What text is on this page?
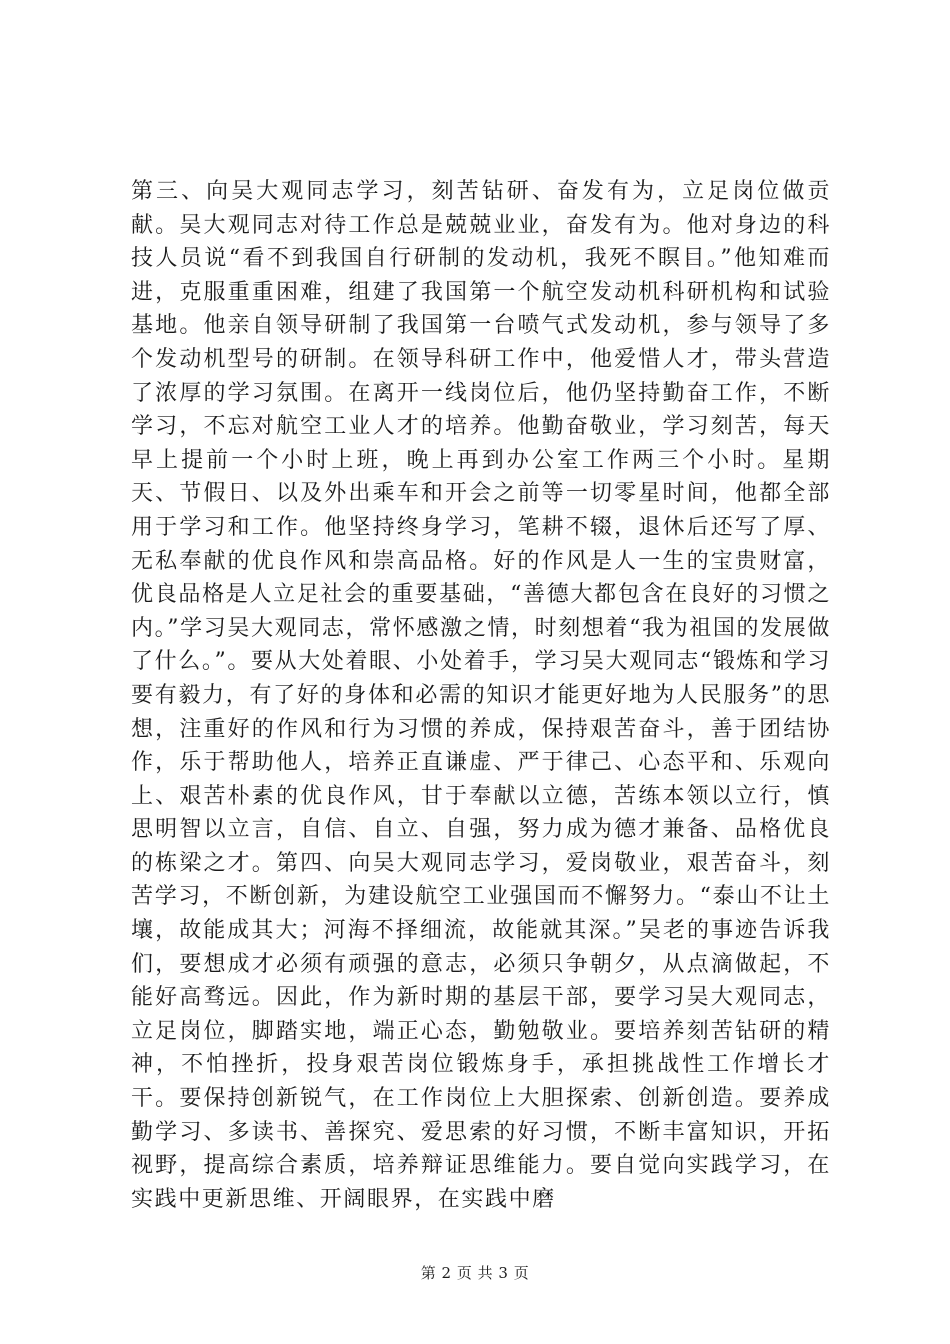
第三、向吴大观同志学习，刻苦钻研、奋发有为，立足岗位做贡献。吴大观同志对待工作总是兢兢业业，奋发有为。他对身边的科技人员说“看不到我国自行研制的发动机，我死不瞑目。”他知难而进，克服重重困难，组建了我国第一个航空发动机科研机构和试验基地。他亲自领导研制了我国第一台喷气式发动机，参与领导了多个发动机型号的研制。在领导科研工作中，他爱惜人才，带头营造了浓厚的学习氛围。在离开一线岗位后，他仍坚持勤奋工作，不断学习，不忘对航空工业人才的培养。他勤奋敬业，学习刻苦，每天早上提前一个小时上班，晚上再到办公室工作两三个小时。星期天、节假日、以及外出乘车和开会之前等一切零星时间，他都全部用于学习和工作。他坚持终身学习，笔耕不辍，退休后还写了厚、无私奉献的优良作风和崇高品格。好的作风是人一生的宝贵财富，优良品格是人立足社会的重要基础，“善德大都包含在良好的习惯之内。”学习吴大观同志，常怀感激之情，时刻想着“我为祖国的发展做了什么。”。要从大处着眼、小处着手，学习吴大观同志“锻炼和学习要有毅力，有了好的身体和必需的知识才能更好地为人民服务”的思想，注重好的作风和行为习惯的养成，保持艰苦奋斗，善于团结协作，乐于帮助他人，培养正直谦虚、严于律己、心态平和、乐观向上、艰苦朴素的优良作风，甘于奉献以立德，苦练本领以立行，慎思明智以立言，自信、自立、自强，努力成为德才兼备、品格优良的栋梁之才。第四、向吴大观同志学习，爱岗敬业，艰苦奋斗，刻苦学习，不断创新，为建设航空工业强国而不懈努力。“泰山不让土壤，故能成其大；河海不择细流，故能就其深。”吴老的事迹告诉我们，要想成才必须有顽强的意志，必须只争朝夕，从点滴做起，不能好高骛远。因此，作为新时期的基层干部，要学习吴大观同志，立足岗位，脚踏实地，端正心态，勤勉敬业。要培养刻苦钻研的精神，不怕挫折，投身艰苦岗位锻炼身手，承担挑战性工作增长才干。要保持创新锐气，在工作岗位上大胆探索、创新创造。要养成勤学习、多读书、善探究、爱思索的好习惯，不断丰富知识，开拓视野，提高综合素质，培养辩证思维能力。要自觉向实践学习，在实践中更新思维、开阔眼界，在实践中磨

第 2 页 共 3 页
